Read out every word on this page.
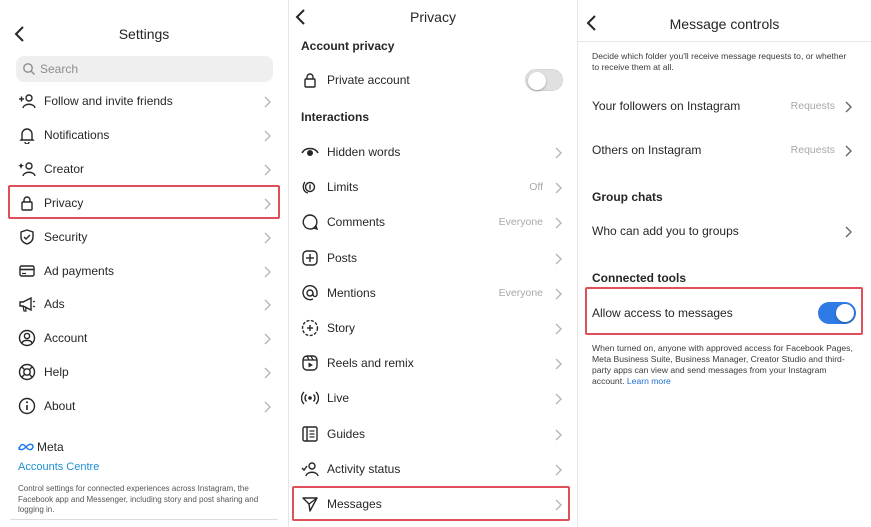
Settings
Search
Follow and invite friends
Notifications
Creator
Privacy
Security
Ad payments
Ads
Account
Help
About
Meta
Accounts Centre
Control settings for connected experiences across Instagram, the Facebook app and Messenger, including story and post sharing and logging in.
Privacy
Account privacy
Private account
Interactions
Hidden words
Limits	Off
Comments	Everyone
Posts
Mentions	Everyone
Story
Reels and remix
Live
Guides
Activity status
Messages
Message controls
Decide which folder you'll receive message requests to, or whether to receive them at all.
Your followers on Instagram	Requests
Others on Instagram	Requests
Group chats
Who can add you to groups
Connected tools
Allow access to messages
When turned on, anyone with approved access for Facebook Pages, Meta Business Suite, Business Manager, Creator Studio and third-party apps can view and send messages from your Instagram account. Learn more
